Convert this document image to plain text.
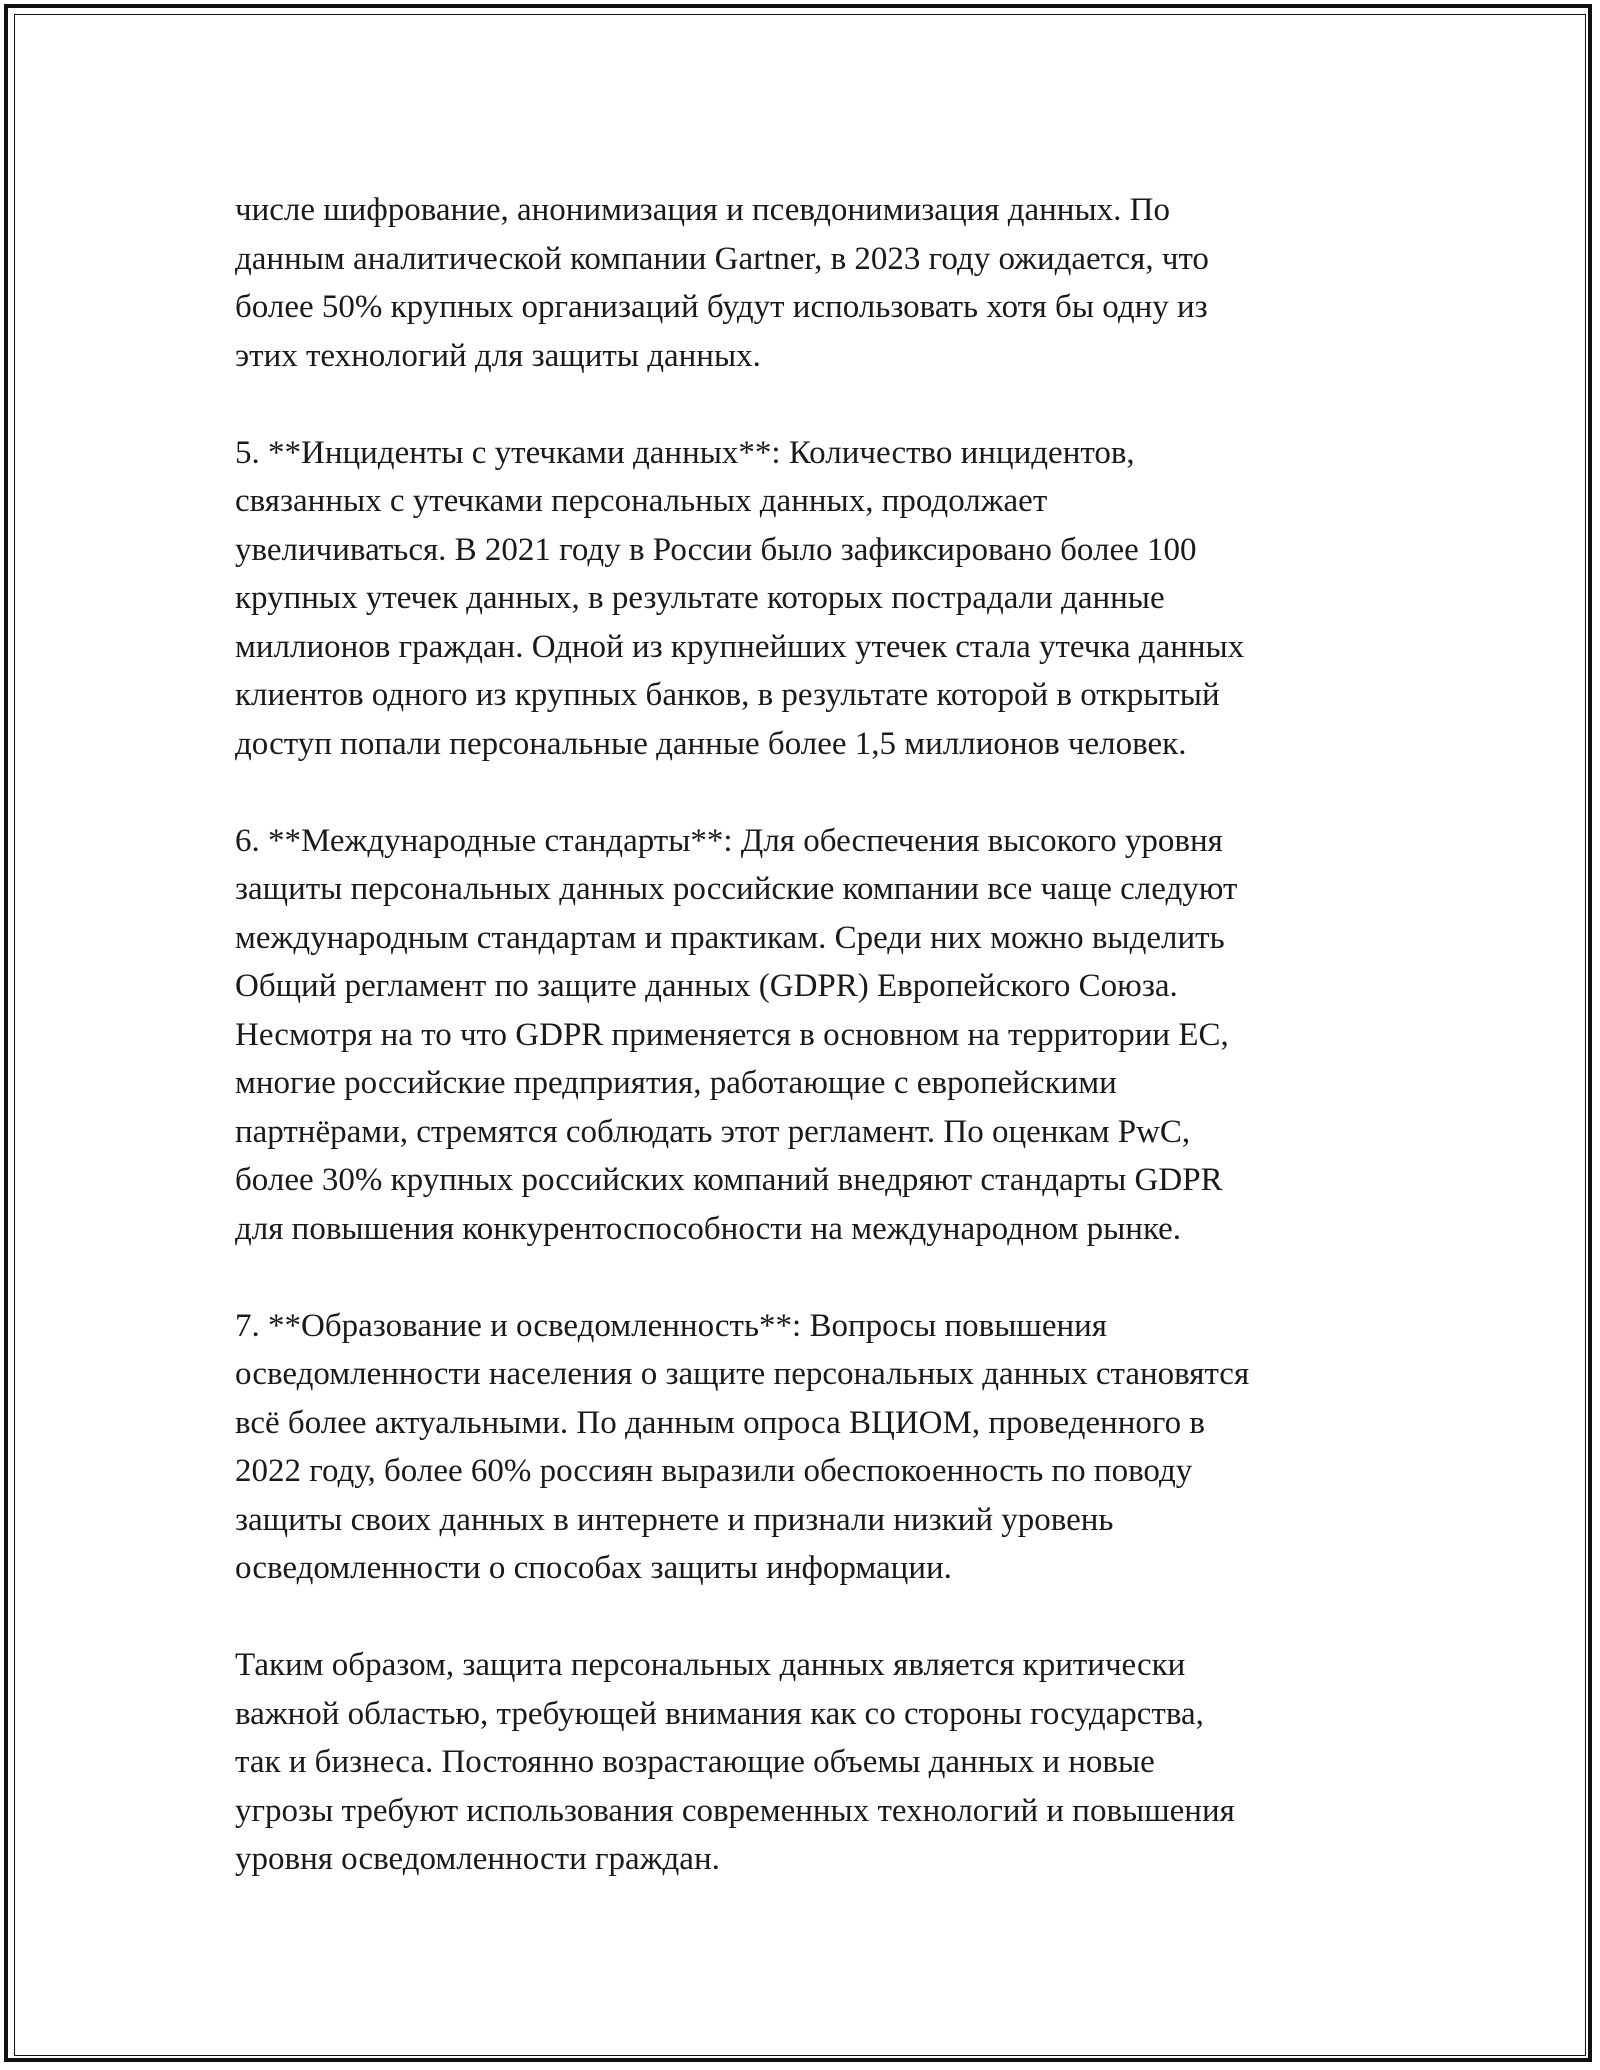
числе шифрование, анонимизация и псевдонимизация данных. По
данным аналитической компании Gartner, в 2023 году ожидается, что
более 50% крупных организаций будут использовать хотя бы одну из
этих технологий для защиты данных.

5. **Инциденты с утечками данных**: Количество инцидентов,
связанных с утечками персональных данных, продолжает
увеличиваться. В 2021 году в России было зафиксировано более 100
крупных утечек данных, в результате которых пострадали данные
миллионов граждан. Одной из крупнейших утечек стала утечка данных
клиентов одного из крупных банков, в результате которой в открытый
доступ попали персональные данные более 1,5 миллионов человек.

6. **Международные стандарты**: Для обеспечения высокого уровня
защиты персональных данных российские компании все чаще следуют
международным стандартам и практикам. Среди них можно выделить
Общий регламент по защите данных (GDPR) Европейского Союза.
Несмотря на то что GDPR применяется в основном на территории ЕС,
многие российские предприятия, работающие с европейскими
партнёрами, стремятся соблюдать этот регламент. По оценкам PwC,
более 30% крупных российских компаний внедряют стандарты GDPR
для повышения конкурентоспособности на международном рынке.

7. **Образование и осведомленность**: Вопросы повышения
осведомленности населения о защите персональных данных становятся
всё более актуальными. По данным опроса ВЦИОМ, проведенного в
2022 году, более 60% россиян выразили обеспокоенность по поводу
защиты своих данных в интернете и признали низкий уровень
осведомленности о способах защиты информации.

Таким образом, защита персональных данных является критически
важной областью, требующей внимания как со стороны государства,
так и бизнеса. Постоянно возрастающие объемы данных и новые
угрозы требуют использования современных технологий и повышения
уровня осведомленности граждан.
